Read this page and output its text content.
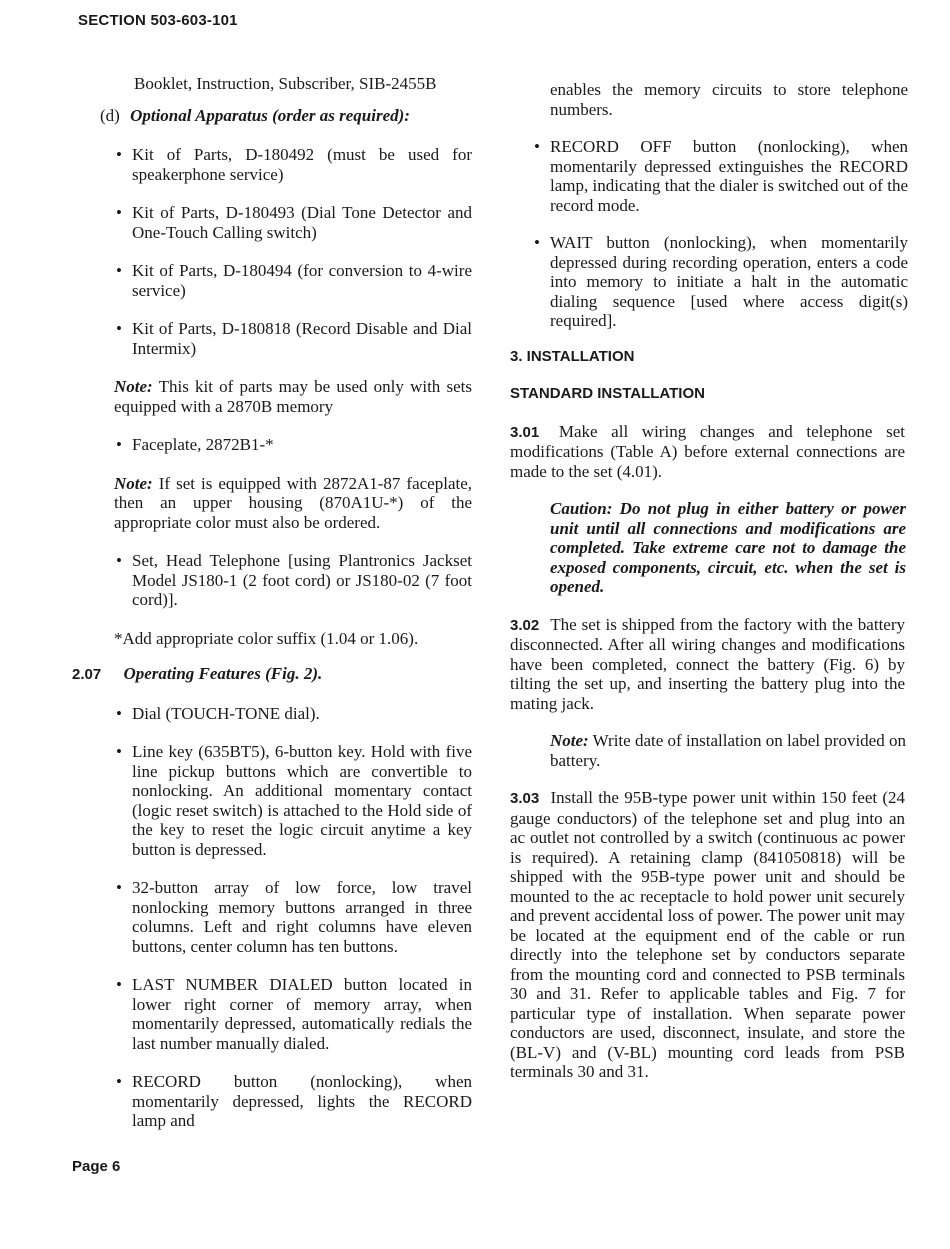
SECTION 503-603-101

Booklet, Instruction, Subscriber, SIB-2455B

(d) Optional Apparatus (order as required):

• Kit of Parts, D-180492 (must be used for speakerphone service)

• Kit of Parts, D-180493 (Dial Tone Detector and One-Touch Calling switch)

• Kit of Parts, D-180494 (for conversion to 4-wire service)

• Kit of Parts, D-180818 (Record Disable and Dial Intermix)

Note: This kit of parts may be used only with sets equipped with a 2870B memory

• Faceplate, 2872B1-*

Note: If set is equipped with 2872A1-87 faceplate, then an upper housing (870A1U-*) of the appropriate color must also be ordered.

• Set, Head Telephone [using Plantronics Jackset Model JS180-1 (2 foot cord) or JS180-02 (7 foot cord)].

*Add appropriate color suffix (1.04 or 1.06).

2.07 Operating Features (Fig. 2).

• Dial (TOUCH-TONE dial).

• Line key (635BT5), 6-button key. Hold with five line pickup buttons which are convertible to nonlocking. An additional momentary contact (logic reset switch) is attached to the Hold side of the key to reset the logic circuit anytime a key button is depressed.

• 32-button array of low force, low travel nonlocking memory buttons arranged in three columns. Left and right columns have eleven buttons, center column has ten buttons.

• LAST NUMBER DIALED button located in lower right corner of memory array, when momentarily depressed, automatically redials the last number manually dialed.

• RECORD button (nonlocking), when momentarily depressed, lights the RECORD lamp and

enables the memory circuits to store telephone numbers.

• RECORD OFF button (nonlocking), when momentarily depressed extinguishes the RECORD lamp, indicating that the dialer is switched out of the record mode.

• WAIT button (nonlocking), when momentarily depressed during recording operation, enters a code into memory to initiate a halt in the automatic dialing sequence [used where access digit(s) required].

3. INSTALLATION

STANDARD INSTALLATION

3.01 Make all wiring changes and telephone set modifications (Table A) before external connections are made to the set (4.01).

Caution: Do not plug in either battery or power unit until all connections and modifications are completed. Take extreme care not to damage the exposed components, circuit, etc. when the set is opened.

3.02 The set is shipped from the factory with the battery disconnected. After all wiring changes and modifications have been completed, connect the battery (Fig. 6) by tilting the set up, and inserting the battery plug into the mating jack.

Note: Write date of installation on label provided on battery.

3.03 Install the 95B-type power unit within 150 feet (24 gauge conductors) of the telephone set and plug into an ac outlet not controlled by a switch (continuous ac power is required). A retaining clamp (841050818) will be shipped with the 95B-type power unit and should be mounted to the ac receptacle to hold power unit securely and prevent accidental loss of power. The power unit may be located at the equipment end of the cable or run directly into the telephone set by conductors separate from the mounting cord and connected to PSB terminals 30 and 31. Refer to applicable tables and Fig. 7 for particular type of installation. When separate power conductors are used, disconnect, insulate, and store the (BL-V) and (V-BL) mounting cord leads from PSB terminals 30 and 31.

Page 6
